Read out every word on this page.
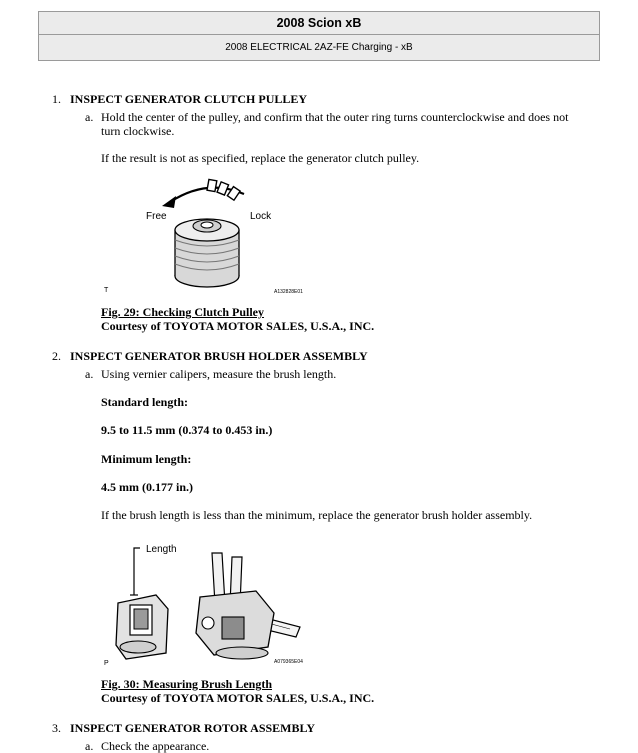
2008 Scion xB
2008 ELECTRICAL 2AZ-FE Charging - xB
1. INSPECT GENERATOR CLUTCH PULLEY
a. Hold the center of the pulley, and confirm that the outer ring turns counterclockwise and does not
turn clockwise.
If the result is not as specified, replace the generator clutch pulley.
Free	Lock
T	A132828E01
Fig. 29: Checking Clutch Pulley
Courtesy of TOYOTA MOTOR SALES, U.S.A., INC.
2. INSPECT GENERATOR BRUSH HOLDER ASSEMBLY
a. Using vernier calipers, measure the brush length.
Standard length:
9.5 to 11.5 mm (0.374 to 0.453 in.)
Minimum length:
4.5 mm (0.177 in.)
If the brush length is less than the minimum, replace the generator brush holder assembly.
Length
P	A079365E04
Fig. 30: Measuring Brush Length
Courtesy of TOYOTA MOTOR SALES, U.S.A., INC.
3. INSPECT GENERATOR ROTOR ASSEMBLY
a. Check the appearance.
